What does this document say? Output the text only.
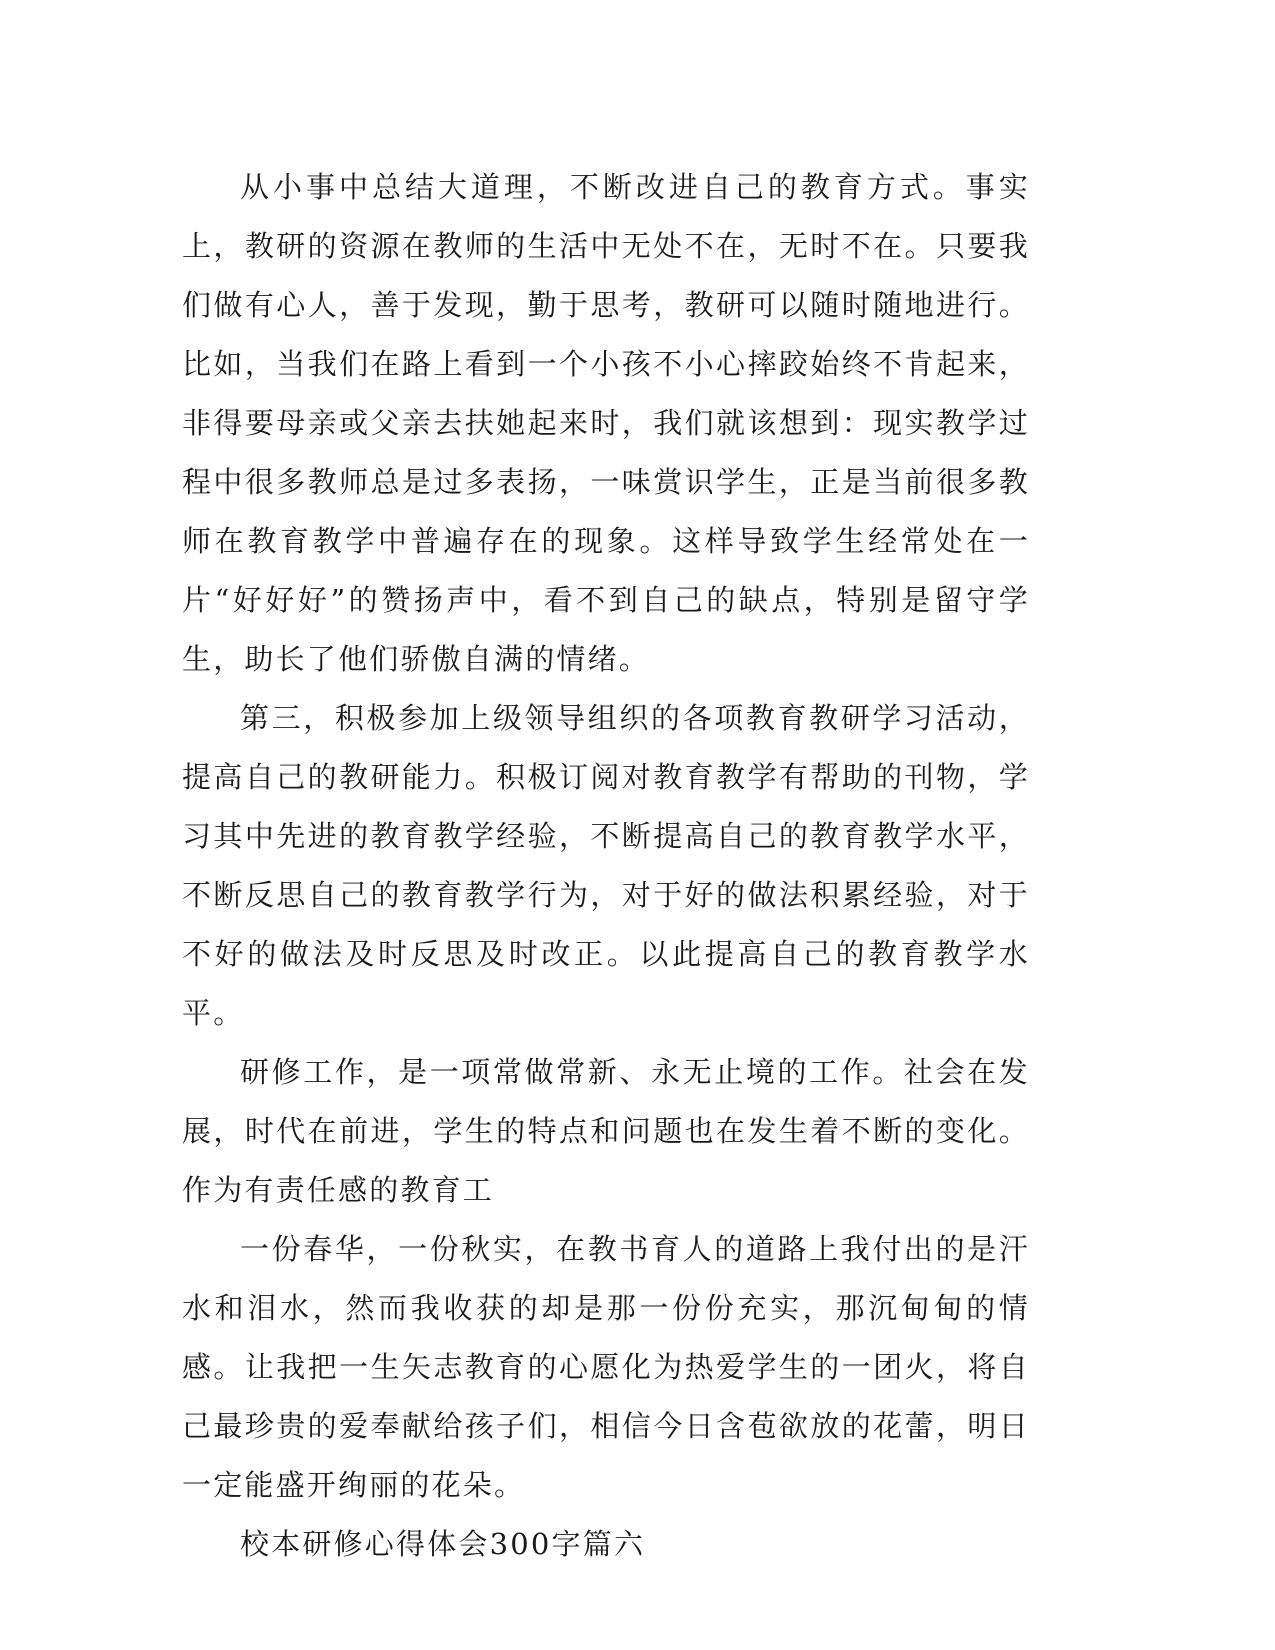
从小事中总结大道理，不断改进自己的教育方式。事实上，教研的资源在教师的生活中无处不在，无时不在。只要我们做有心人，善于发现，勤于思考，教研可以随时随地进行。比如，当我们在路上看到一个小孩不小心摔跤始终不肯起来，非得要母亲或父亲去扶她起来时，我们就该想到：现实教学过程中很多教师总是过多表扬，一味赏识学生，正是当前很多教师在教育教学中普遍存在的现象。这样导致学生经常处在一片“好好好”的赞扬声中，看不到自己的缺点，特别是留守学生，助长了他们骄傲自满的情绪。

第三，积极参加上级领导组织的各项教育教研学习活动，提高自己的教研能力。积极订阅对教育教学有帮助的刊物，学习其中先进的教育教学经验，不断提高自己的教育教学水平，不断反思自己的教育教学行为，对于好的做法积累经验，对于不好的做法及时反思及时改正。以此提高自己的教育教学水平。

研修工作，是一项常做常新、永无止境的工作。社会在发展，时代在前进，学生的特点和问题也在发生着不断的变化。作为有责任感的教育工

一份春华，一份秋实，在教书育人的道路上我付出的是汗水和泪水，然而我收获的却是那一份份充实，那沉甸甸的情感。让我把一生矢志教育的心愿化为热爱学生的一团火，将自己最珍贵的爱奉献给孩子们，相信今日含苞欲放的花蕾，明日一定能盛开绚丽的花朵。

校本研修心得体会300字篇六
